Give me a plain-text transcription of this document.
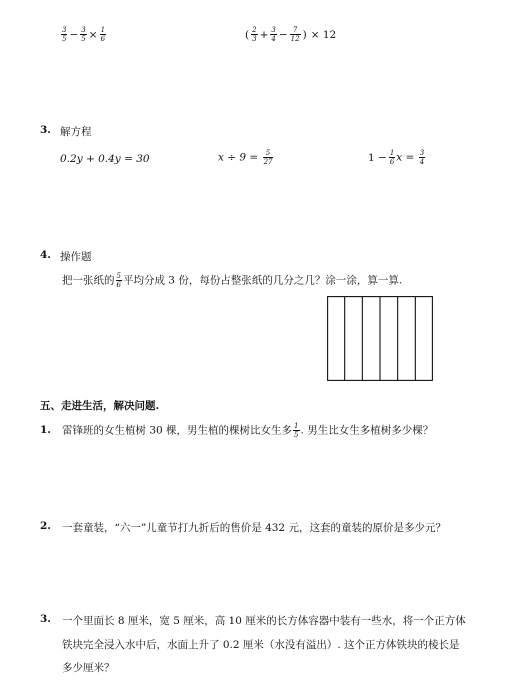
$\frac{3}{5} - \frac{3}{5} \times \frac{1}{6}$	( $\frac{2}{3} + \frac{3}{4} - \frac{7}{12}$ ) × 12
3. 解方程
0.2y + 0.4y = 30	$x \div 9 = \frac{5}{27}$	$1 - \frac{1}{6}$ $x = \frac{3}{4}$
4. 操作题
把一张纸的 $\frac{5}{6}$ 平均分成 3 份，每份占整张纸的几分之几？涂一涂，算一算.
五、走进生活，解决问题.
1. 雷锋班的女生植树 30 棵，男生植的棵树比女生多 $\frac{1}{5}$ . 男生比女生多植树多少棵？
2. 一套童装，“六一”儿童节打九折后的售价是 432 元，这套的童装的原价是多少元？
3. 一个里面长 8 厘米，宽 5 厘米，高 10 厘米的长方体容器中装有一些水，将一个正方体
铁块完全浸入水中后，水面上升了 0.2 厘米（水没有溢出）. 这个正方体铁块的棱长是
多少厘米？
